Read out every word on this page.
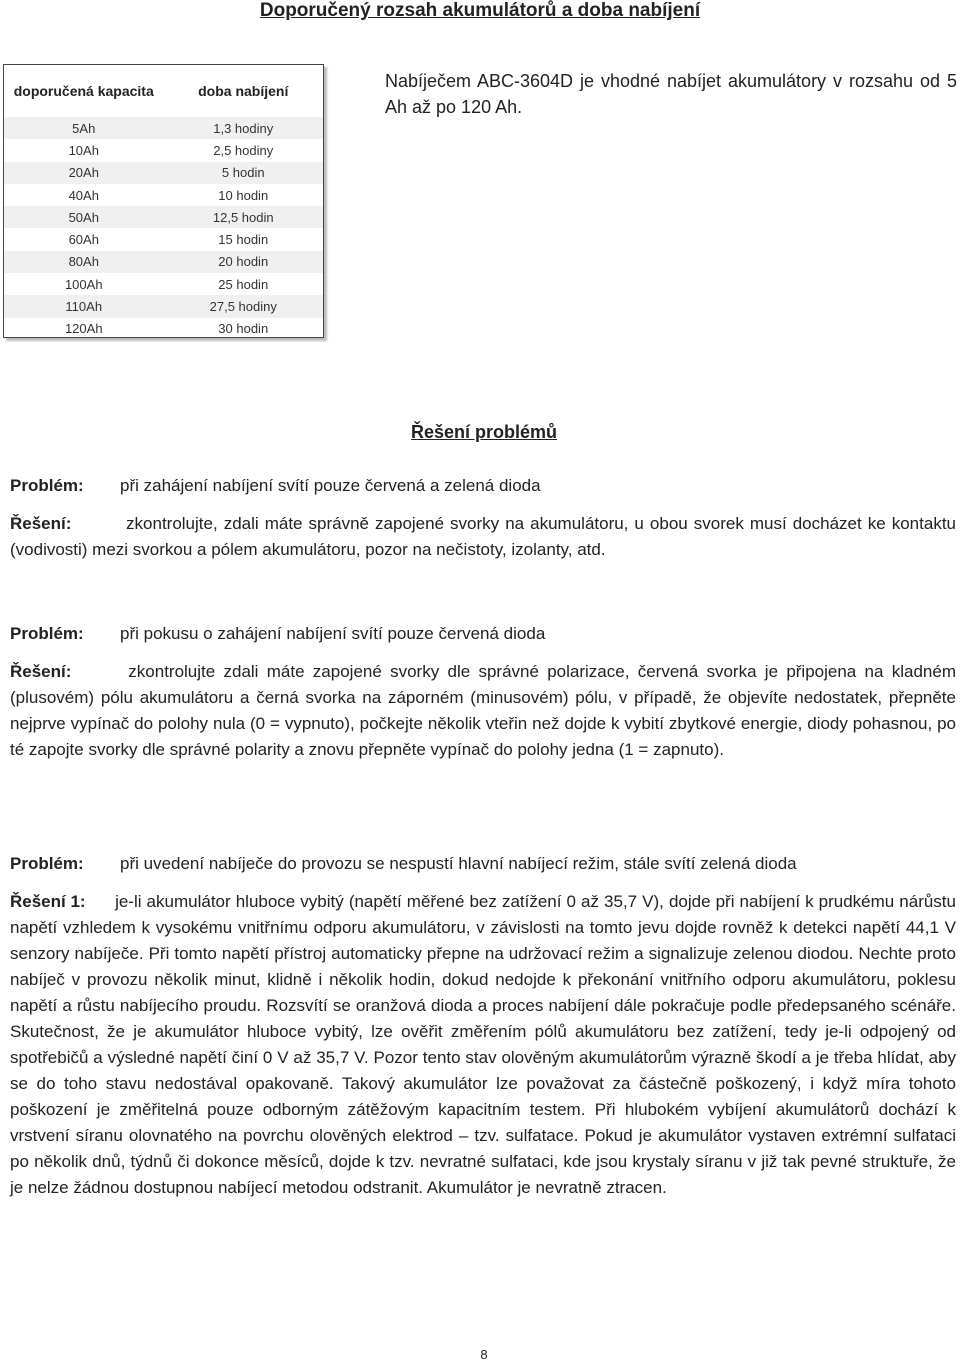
Doporučený rozsah akumulátorů a doba nabíjení
doporučená kapacita	doba nabíjení
5Ah	1,3 hodiny
10Ah	2,5 hodiny
20Ah	5 hodin
40Ah	10 hodin
50Ah	12,5 hodin
60Ah	15 hodin
80Ah	20 hodin
100Ah	25 hodin
110Ah	27,5 hodiny
120Ah	30 hodin
Nabíječem ABC-3604D je vhodné nabíjet akumulátory v rozsahu od 5 Ah až po 120 Ah.
Řešení problémů
Problém:	při zahájení nabíjení svítí pouze červená a zelená dioda
Řešení:	zkontrolujte, zdali máte správně zapojené svorky na akumulátoru, u obou svorek musí docházet ke kontaktu (vodivosti) mezi svorkou a pólem akumulátoru, pozor na nečistoty, izolanty, atd.
Problém:	při pokusu o zahájení nabíjení svítí pouze červená dioda
Řešení:	zkontrolujte zdali máte zapojené svorky dle správné polarizace, červená svorka je připojena na kladném (plusovém) pólu akumulátoru a černá svorka na záporném (minusovém) pólu, v případě, že objevíte nedostatek, přepněte nejprve vypínač do polohy nula (0 = vypnuto), počkejte několik vteřin než dojde k vybití zbytkové energie, diody pohasnou, po té zapojte svorky dle správné polarity a znovu přepněte vypínač do polohy jedna (1 = zapnuto).
Problém:	při uvedení nabíječe do provozu se nespustí hlavní nabíjecí režim, stále svítí zelená dioda
Řešení 1: je-li akumulátor hluboce vybitý (napětí měřené bez zatížení 0 až 35,7 V), dojde při nabíjení k prudkému nárůstu napětí vzhledem k vysokému vnitřnímu odporu akumulátoru, v závislosti na tomto jevu dojde rovněž k detekci napětí 44,1 V senzory nabíječe. Při tomto napětí přístroj automaticky přepne na udržovací režim a signalizuje zelenou diodou. Nechte proto nabíječ v provozu několik minut, klidně i několik hodin, dokud nedojde k překonání vnitřního odporu akumulátoru, poklesu napětí a růstu nabíjecího proudu. Rozsvítí se oranžová dioda a proces nabíjení dále pokračuje podle předepsaného scénáře. Skutečnost, že je akumulátor hluboce vybitý, lze ověřit změřením pólů akumulátoru bez zatížení, tedy je-li odpojený od spotřebičů a výsledné napětí činí 0 V až 35,7 V. Pozor tento stav olověným akumulátorům výrazně škodí a je třeba hlídat, aby se do toho stavu nedostával opakovaně. Takový akumulátor lze považovat za částečně poškozený, i když míra tohoto poškození je změřitelná pouze odborným zátěžovým kapacitním testem. Při hlubokém vybíjení akumulátorů dochází k vrstvení síranu olovnatého na povrchu olověných elektrod – tzv. sulfatace. Pokud je akumulátor vystaven extrémní sulfataci po několik dnů, týdnů či dokonce měsíců, dojde k tzv. nevratné sulfataci, kde jsou krystaly síranu v již tak pevné struktuře, že je nelze žádnou dostupnou nabíjecí metodou odstranit. Akumulátor je nevratně ztracen.
8
